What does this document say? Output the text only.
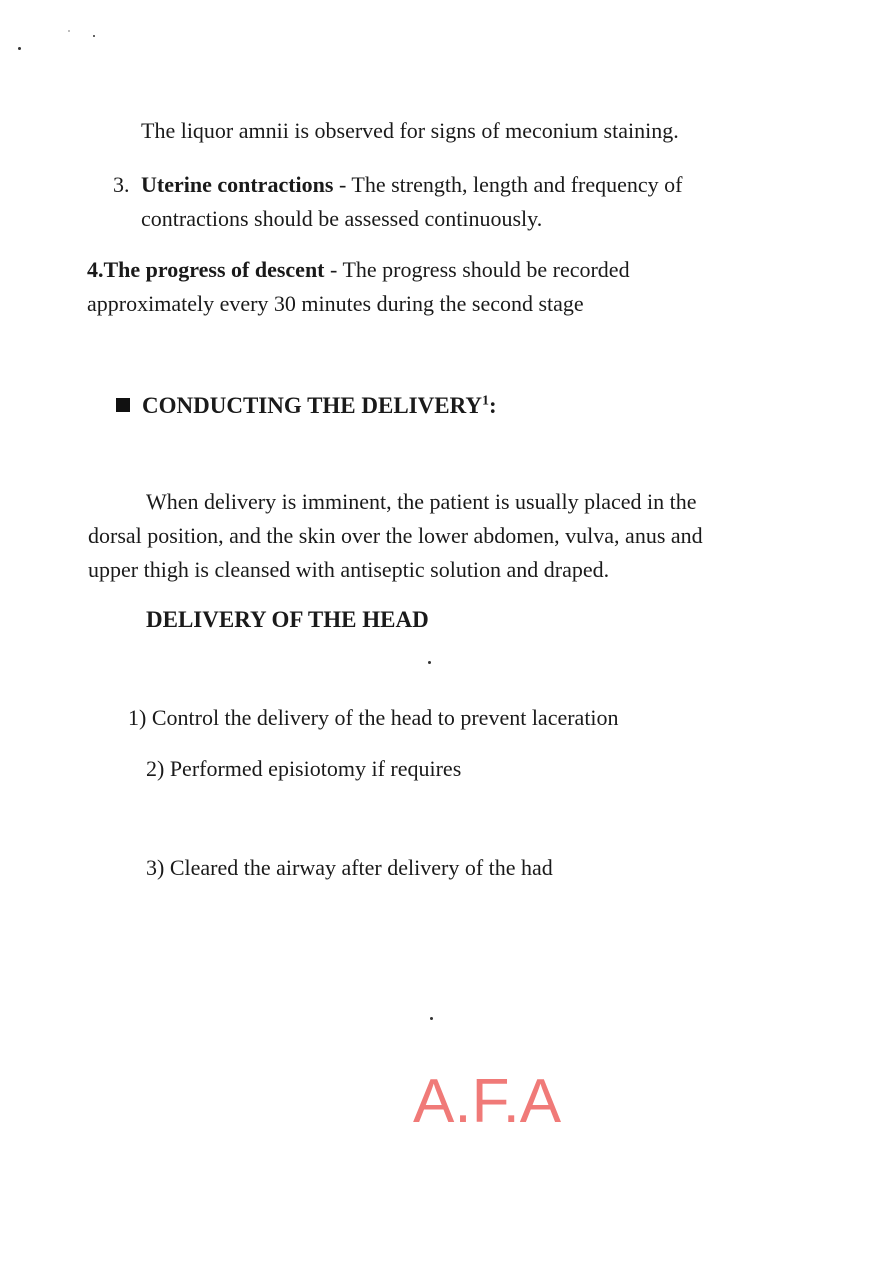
The liquor amnii is observed for signs of meconium staining.
3. Uterine contractions - The strength, length and frequency of
contractions should be assessed continuously.
4.The progress of descent - The progress should be recorded
approximately every 30 minutes during the second stage
CONDUCTING THE DELIVERY$^1$:
When delivery is imminent, the patient is usually placed in the
dorsal position, and the skin over the lower abdomen, vulva, anus and
upper thigh is cleansed with antiseptic solution and draped.
DELIVERY OF THE HEAD
1) Control the delivery of the head to prevent laceration
2) Performed episiotomy if requires
3) Cleared the airway after delivery of the had
A.F.A
